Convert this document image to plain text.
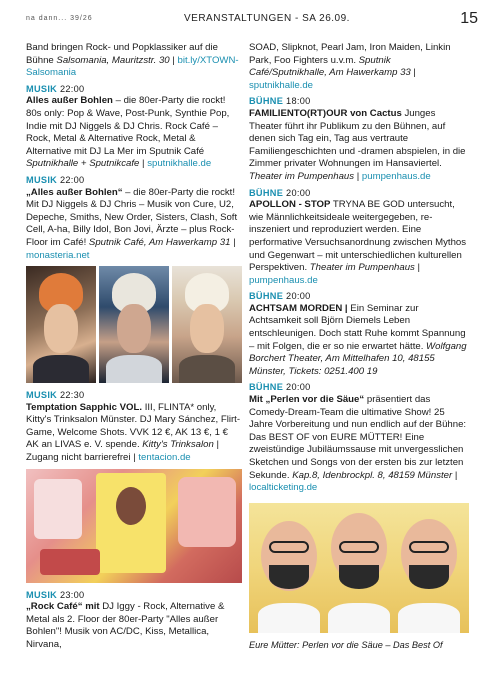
na dann... 39/26	VERANSTALTUNGEN - SA 26.09.	15
Band bringen Rock- und Popklassiker auf die Bühne Salsomania, Mauritzstr. 30 | bit.ly/XTOWN-Salsomania
MUSIK 22:00
Alles außer Bohlen – die 80er-Party die rockt! 80s only: Pop & Wave, Post-Punk, Synthie Pop, Indie mit DJ Niggels & DJ Chris. Rock Café – Rock, Metal & Alternative Rock, Metal & Alternative mit DJ La Mer im Sputnik Café Sputnikhalle + Sputnikcafe | sputnikhalle.de
MUSIK 22:00
„Alles außer Bohlen“ – die 80er-Party die rockt! Mit DJ Niggels & DJ Chris – Musik von Cure, U2, Depeche, Smiths, New Order, Sisters, Clash, Soft Cell, A-ha, Billy Idol, Bon Jovi, Ärzte – plus Rock-Floor im Café! Sputnik Café, Am Hawerkamp 31 | monasteria.net
MUSIK 22:30
Temptation Sapphic VOL. III, FLINTA* only, Kitty's Trinksalon Münster. DJ Mary Sánchez, Flirt-Game, Welcome Shots. VVK 12 €, AK 13 €, 1 € AK an LIVAS e. V. spende. Kitty's Trinksalon | Zugang nicht barrierefrei | tentacion.de
MUSIK 23:00
„Rock Café“ mit DJ Iggy - Rock, Alternative & Metal als 2. Floor der 80er-Party "Alles außer Bohlen"! Musik von AC/DC, Kiss, Metallica, Nirvana,
SOAD, Slipknot, Pearl Jam, Iron Maiden, Linkin Park, Foo Fighters u.v.m. Sputnik Café/Sputnikhalle, Am Hawerkamp 33 | sputnikhalle.de
BÜHNE 18:00
FAMILIENTO(RT)OUR von Cactus Junges Theater führt ihr Publikum zu den Bühnen, auf denen sich Tag ein, Tag aus vertraute Familiengeschichten und -dramen abspielen, in die Zimmer privater Wohnungen im Hansaviertel. Theater im Pumpenhaus | pumpenhaus.de
BÜHNE 20:00
APOLLON - STOP TRYNA BE GOD untersucht, wie Männlichkeitsideale weitergegeben, re-inszeniert und reproduziert werden. Eine performative Versuchsanordnung zwischen Mythos und Gegenwart – mit unterschiedlichen kulturellen Perspektiven. Theater im Pumpenhaus | pumpenhaus.de
BÜHNE 20:00
ACHTSAM MORDEN | Ein Seminar zur Achtsamkeit soll Björn Diemels Leben entschleunigen. Doch statt Ruhe kommt Spannung – mit Folgen, die er so nie erwartet hätte. Wolfgang Borchert Theater, Am Mittelhafen 10, 48155 Münster, Tickets: 0251.400 19
BÜHNE 20:00
Mit „Perlen vor die Säue“ präsentiert das Comedy-Dream-Team die ultimative Show! 25 Jahre Vorbereitung und nun endlich auf der Bühne: Das BEST OF von EURE MÜTTER! Eine zweistündige Jubiläumssause mit unvergesslichen Sketchen und Songs von der ersten bis zur letzten Sekunde. Kap.8, Idenbrockpl. 8, 48159 Münster | localticketing.de
Eure Mütter: Perlen vor die Säue – Das Best Of
